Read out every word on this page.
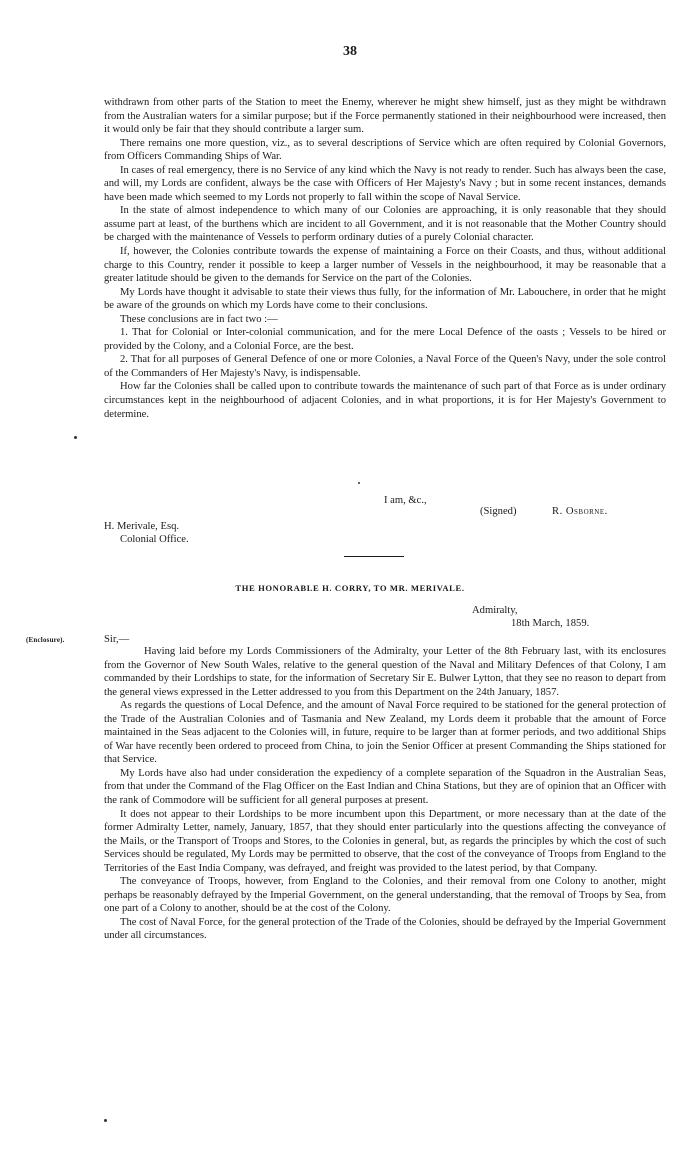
38

withdrawn from other parts of the Station to meet the Enemy, wherever he might shew himself, just as they might be withdrawn from the Australian waters for a similar purpose; but if the Force permanently stationed in their neighbourhood were increased, then it would only be fair that they should contribute a larger sum.

There remains one more question, viz., as to several descriptions of Service which are often required by Colonial Governors, from Officers Commanding Ships of War.

In cases of real emergency, there is no Service of any kind which the Navy is not ready to render. Such has always been the case, and will, my Lords are confident, always be the case with Officers of Her Majesty's Navy ; but in some recent instances, demands have been made which seemed to my Lords not properly to fall within the scope of Naval Service.

In the state of almost independence to which many of our Colonies are approaching, it is only reasonable that they should assume part at least, of the burthens which are incident to all Government, and it is not reasonable that the Mother Country should be charged with the maintenance of Vessels to perform ordinary duties of a purely Colonial character.

If, however, the Colonies contribute towards the expense of maintaining a Force on their Coasts, and thus, without additional charge to this Country, render it possible to keep a larger number of Vessels in the neighbourhood, it may be reasonable that a greater latitude should be given to the demands for Service on the part of the Colonies.

My Lords have thought it advisable to state their views thus fully, for the information of Mr. Labouchere, in order that he might be aware of the grounds on which my Lords have come to their conclusions.

These conclusions are in fact two :—

1. That for Colonial or Inter-colonial communication, and for the mere Local Defence of the oasts ; Vessels to be hired or provided by the Colony, and a Colonial Force, are the best.

2. That for all purposes of General Defence of one or more Colonies, a Naval Force of the Queen's Navy, under the sole control of the Commanders of Her Majesty's Navy, is indispensable.

How far the Colonies shall be called upon to contribute towards the maintenance of such part of that Force as is under ordinary circumstances kept in the neighbourhood of adjacent Colonies, and in what proportions, it is for Her Majesty's Government to determine.

I am, &c.,
(Signed)	R. Osborne.
H. Merivale, Esq.
Colonial Office.
THE HONORABLE H. CORRY, TO MR. MERIVALE.
Admiralty,
18th March, 1859.
(Enclosure).	Sir,—

Having laid before my Lords Commissioners of the Admiralty, your Letter of the 8th February last, with its enclosures from the Governor of New South Wales, relative to the general question of the Naval and Military Defences of that Colony, I am commanded by their Lordships to state, for the information of Secretary Sir E. Bulwer Lytton, that they see no reason to depart from the general views expressed in the Letter addressed to you from this Department on the 24th January, 1857.

As regards the questions of Local Defence, and the amount of Naval Force required to be stationed for the general protection of the Trade of the Australian Colonies and of Tasmania and New Zealand, my Lords deem it probable that the amount of Force maintained in the Seas adjacent to the Colonies will, in future, require to be larger than at former periods, and two additional Ships of War have recently been ordered to proceed from China, to join the Senior Officer at present Commanding the Ships stationed for that Service.

My Lords have also had under consideration the expediency of a complete separation of the Squadron in the Australian Seas, from that under the Command of the Flag Officer on the East Indian and China Stations, but they are of opinion that an Officer with the rank of Commodore will be sufficient for all general purposes at present.

It does not appear to their Lordships to be more incumbent upon this Department, or more necessary than at the date of the former Admiralty Letter, namely, January, 1857, that they should enter particularly into the questions affecting the conveyance of the Mails, or the Transport of Troops and Stores, to the Colonies in general, but, as regards the principles by which the cost of such Services should be regulated, My Lords may be permitted to observe, that the cost of the conveyance of Troops from England to the Territories of the East India Company, was defrayed, and freight was provided to the latest period, by that Company.

The conveyance of Troops, however, from England to the Colonies, and their removal from one Colony to another, might perhaps be reasonably defrayed by the Imperial Government, on the general understanding, that the removal of Troops by Sea, from one part of a Colony to another, should be at the cost of the Colony.

The cost of Naval Force, for the general protection of the Trade of the Colonies, should be defrayed by the Imperial Government under all circumstances.
